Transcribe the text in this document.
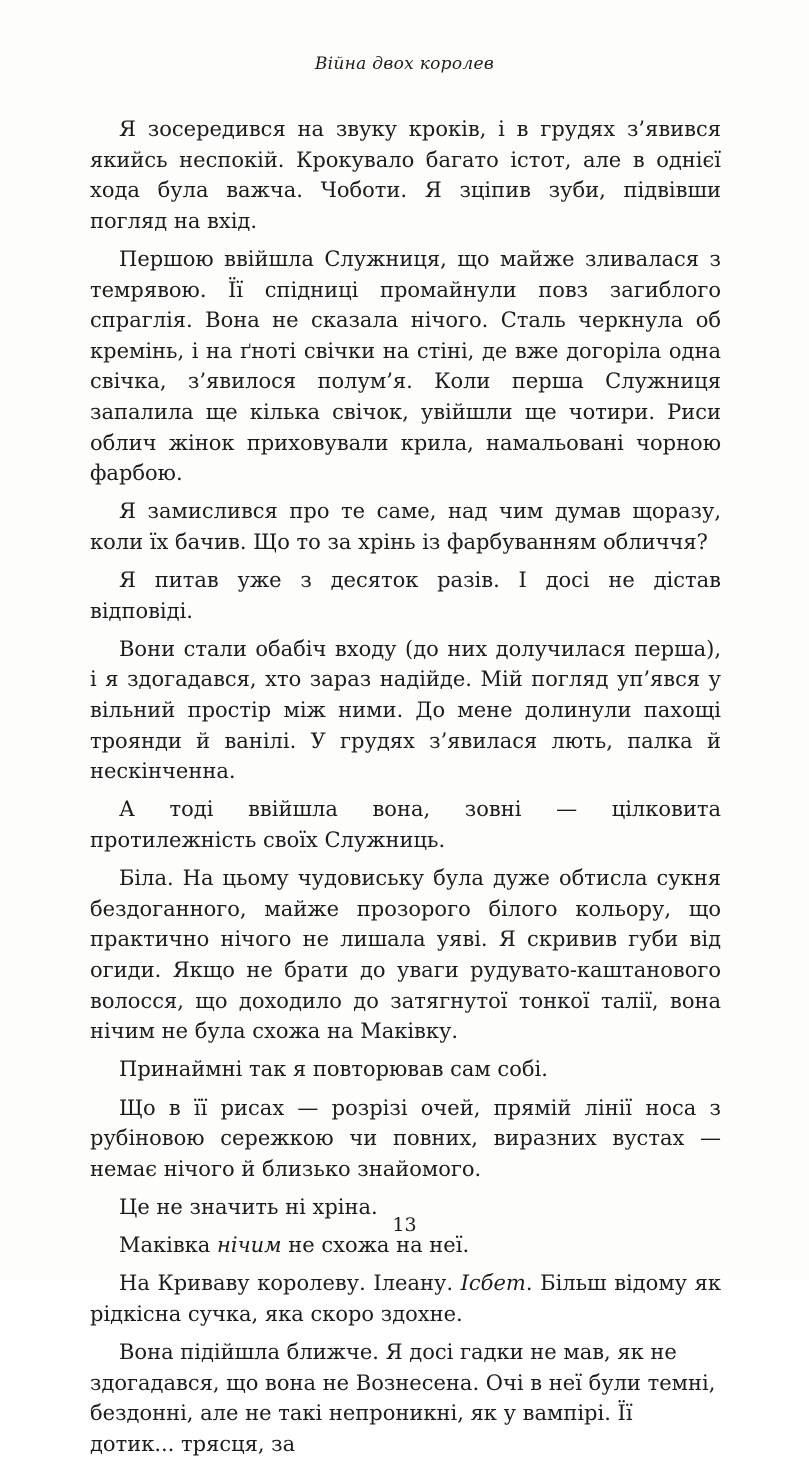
Війна двох королев

Я зосередився на звуку кроків, і в грудях з’явився якийсь неспокій. Крокувало багато істот, але в однієї хода була важча. Чоботи. Я зціпив зуби, підвівши погляд на вхід.

Першою ввійшла Служниця, що майже зливалася з темрявою. Її спідниці промайнули повз загиблого спраглія. Вона не сказала нічого. Сталь черкнула об кремінь, і на ґноті свічки на стіні, де вже догоріла одна свічка, з’явилося полум’я. Коли перша Служниця запалила ще кілька свічок, увійшли ще чотири. Риси облич жінок приховували крила, намальовані чорною фарбою.

Я замислився про те саме, над чим думав щоразу, коли їх бачив. Що то за хрінь із фарбуванням обличчя?

Я питав уже з десяток разів. І досі не дістав відповіді.

Вони стали обабіч входу (до них долучилася перша), і я здогадався, хто зараз надійде. Мій погляд уп’явся у вільний простір між ними. До мене долинули пахощі троянди й ванілі. У грудях з’явилася лють, палка й нескінченна.

А тоді ввійшла вона, зовні — цілковита протилежність своїх Служниць.

Біла. На цьому чудовиську була дуже обтисла сукня бездоганного, майже прозорого білого кольору, що практично нічого не лишала уяві. Я скривив губи від огиди. Якщо не брати до уваги рудувато-каштанового волосся, що доходило до затягнутої тонкої талії, вона нічим не була схожа на Маківку.

Принаймні так я повторював сам собі.

Що в її рисах — розрізі очей, прямій лінії носа з рубіновою сережкою чи повних, виразних вустах — немає нічого й близько знайомого.

Це не значить ні хріна.

Маківка нічим не схожа на неї.

На Криваву королеву. Ілеану. Ісбет. Більш відому як рідкісна сучка, яка скоро здохне.

Вона підійшла ближче. Я досі гадки не мав, як не здогадався, що вона не Вознесена. Очі в неї були темні, бездонні, але не такі непроникні, як у вампірі. Її дотик... трясця, за

13
